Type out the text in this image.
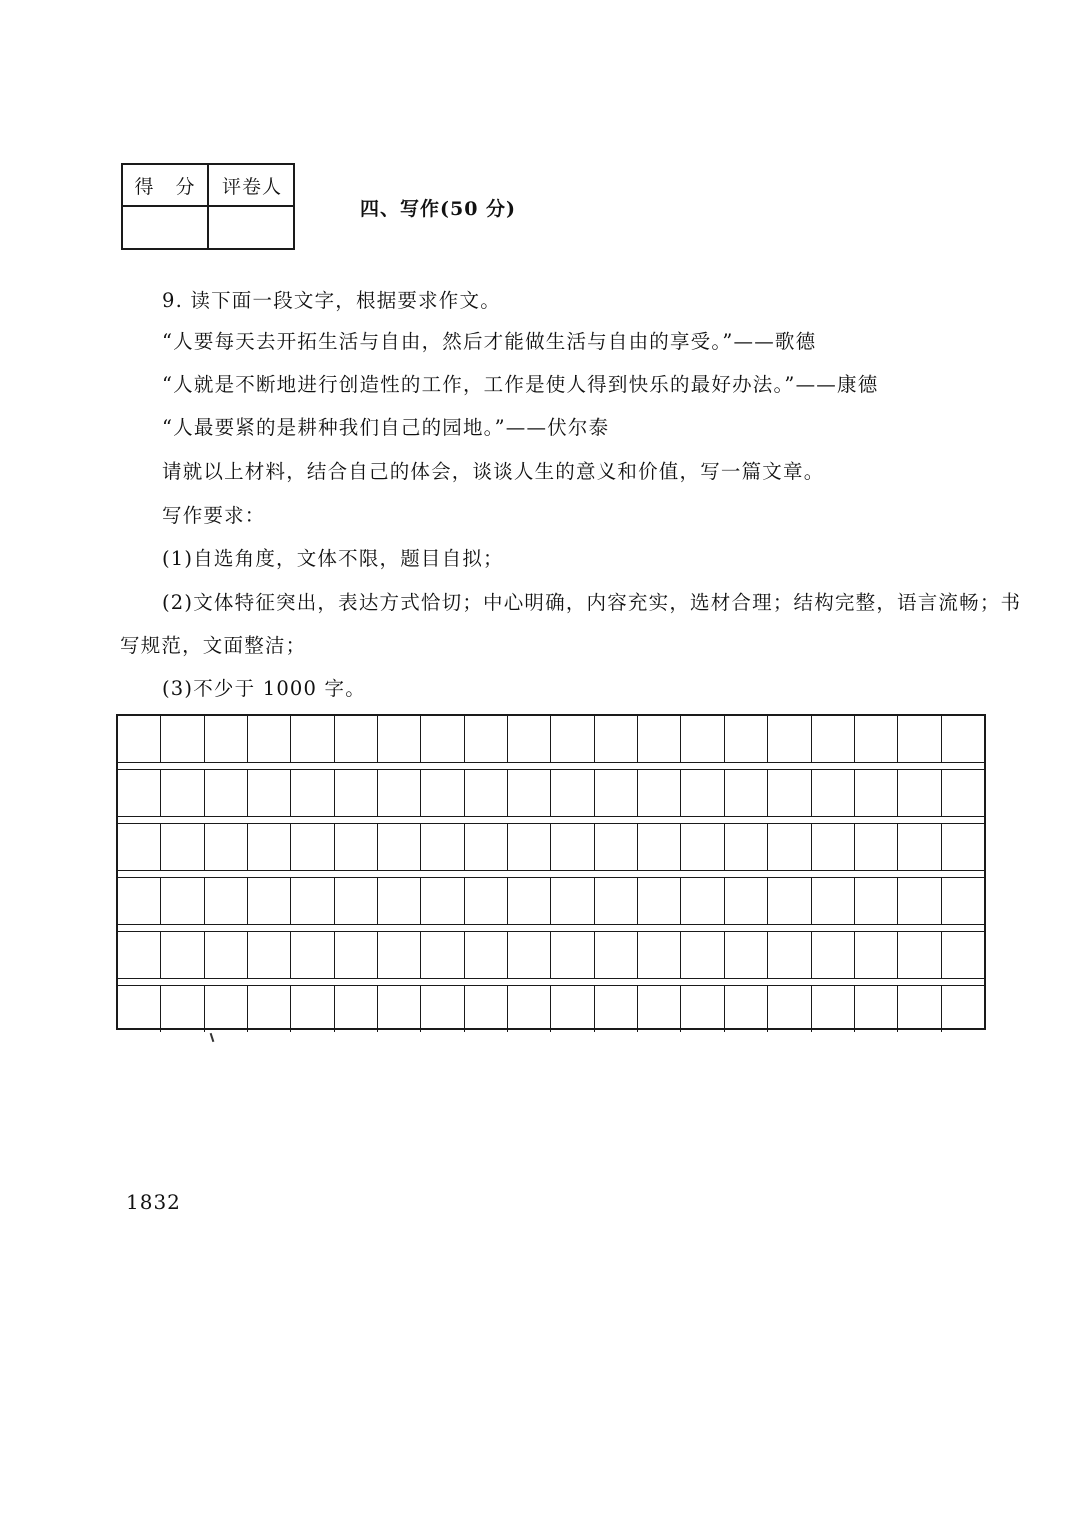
得 分	评卷人
四、写作(50 分)
9. 读下面一段文字，根据要求作文。
“人要每天去开拓生活与自由，然后才能做生活与自由的享受。”——歌德
“人就是不断地进行创造性的工作，工作是使人得到快乐的最好办法。”——康德
“人最要紧的是耕种我们自己的园地。”——伏尔泰
请就以上材料，结合自己的体会，谈谈人生的意义和价值，写一篇文章。
写作要求：
(1)自选角度，文体不限，题目自拟；
(2)文体特征突出，表达方式恰切；中心明确，内容充实，选材合理；结构完整，语言流畅；书
写规范，文面整洁；
(3)不少于 1000 字。
1832
